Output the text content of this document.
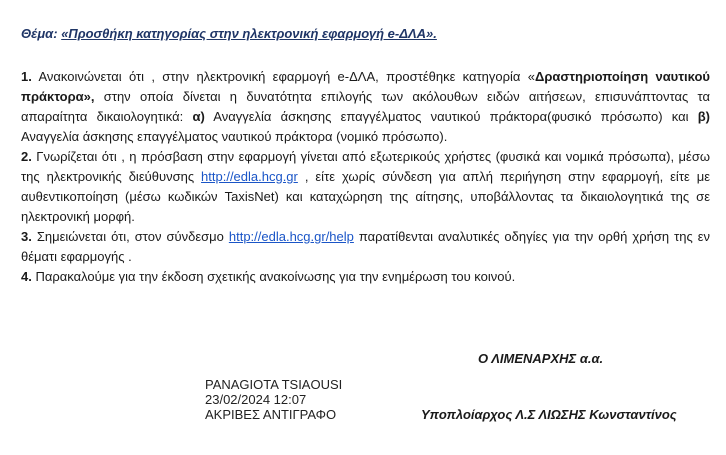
Θέμα: «Προσθήκη κατηγορίας στην ηλεκτρονική εφαρμογή e-ΔΛΑ».

1. Ανακοινώνεται ότι , στην ηλεκτρονική εφαρμογή e-ΔΛΑ, προστέθηκε κατηγορία «Δραστηριοποίηση ναυτικού πράκτορα», στην οποία δίνεται η δυνατότητα επιλογής των ακόλουθων ειδών αιτήσεων, επισυνάπτοντας τα απαραίτητα δικαιολογητικά: α) Αναγγελία άσκησης επαγγέλματος ναυτικού πράκτορα(φυσικό πρόσωπο) και β) Αναγγελία άσκησης επαγγέλματος ναυτικού πράκτορα (νομικό πρόσωπο).

2. Γνωρίζεται ότι , η πρόσβαση στην εφαρμογή γίνεται από εξωτερικούς χρήστες (φυσικά και νομικά πρόσωπα), μέσω της ηλεκτρονικής διεύθυνσης http://edla.hcg.gr , είτε χωρίς σύνδεση για απλή περιήγηση στην εφαρμογή, είτε με αυθεντικοποίηση (μέσω κωδικών TaxisNet) και καταχώρηση της αίτησης, υποβάλλοντας τα δικαιολογητικά της σε ηλεκτρονική μορφή.

3. Σημειώνεται ότι, στον σύνδεσμο http://edla.hcg.gr/help παρατίθενται αναλυτικές οδηγίες για την ορθή χρήση της εν θέματι εφαρμογής .

4. Παρακαλούμε για την έκδοση σχετικής ανακοίνωσης για την ενημέρωση του κοινού.

Ο ΛΙΜΕΝΑΡΧΗΣ α.α.
PANAGIOTA TSIAOUSI
23/02/2024 12:07
ΑΚΡΙΒΕΣ ΑΝΤΙΓΡΑΦΟ	Υποπλοίαρχος Λ.Σ ΛΙΩΣΗΣ Κωνσταντίνος
